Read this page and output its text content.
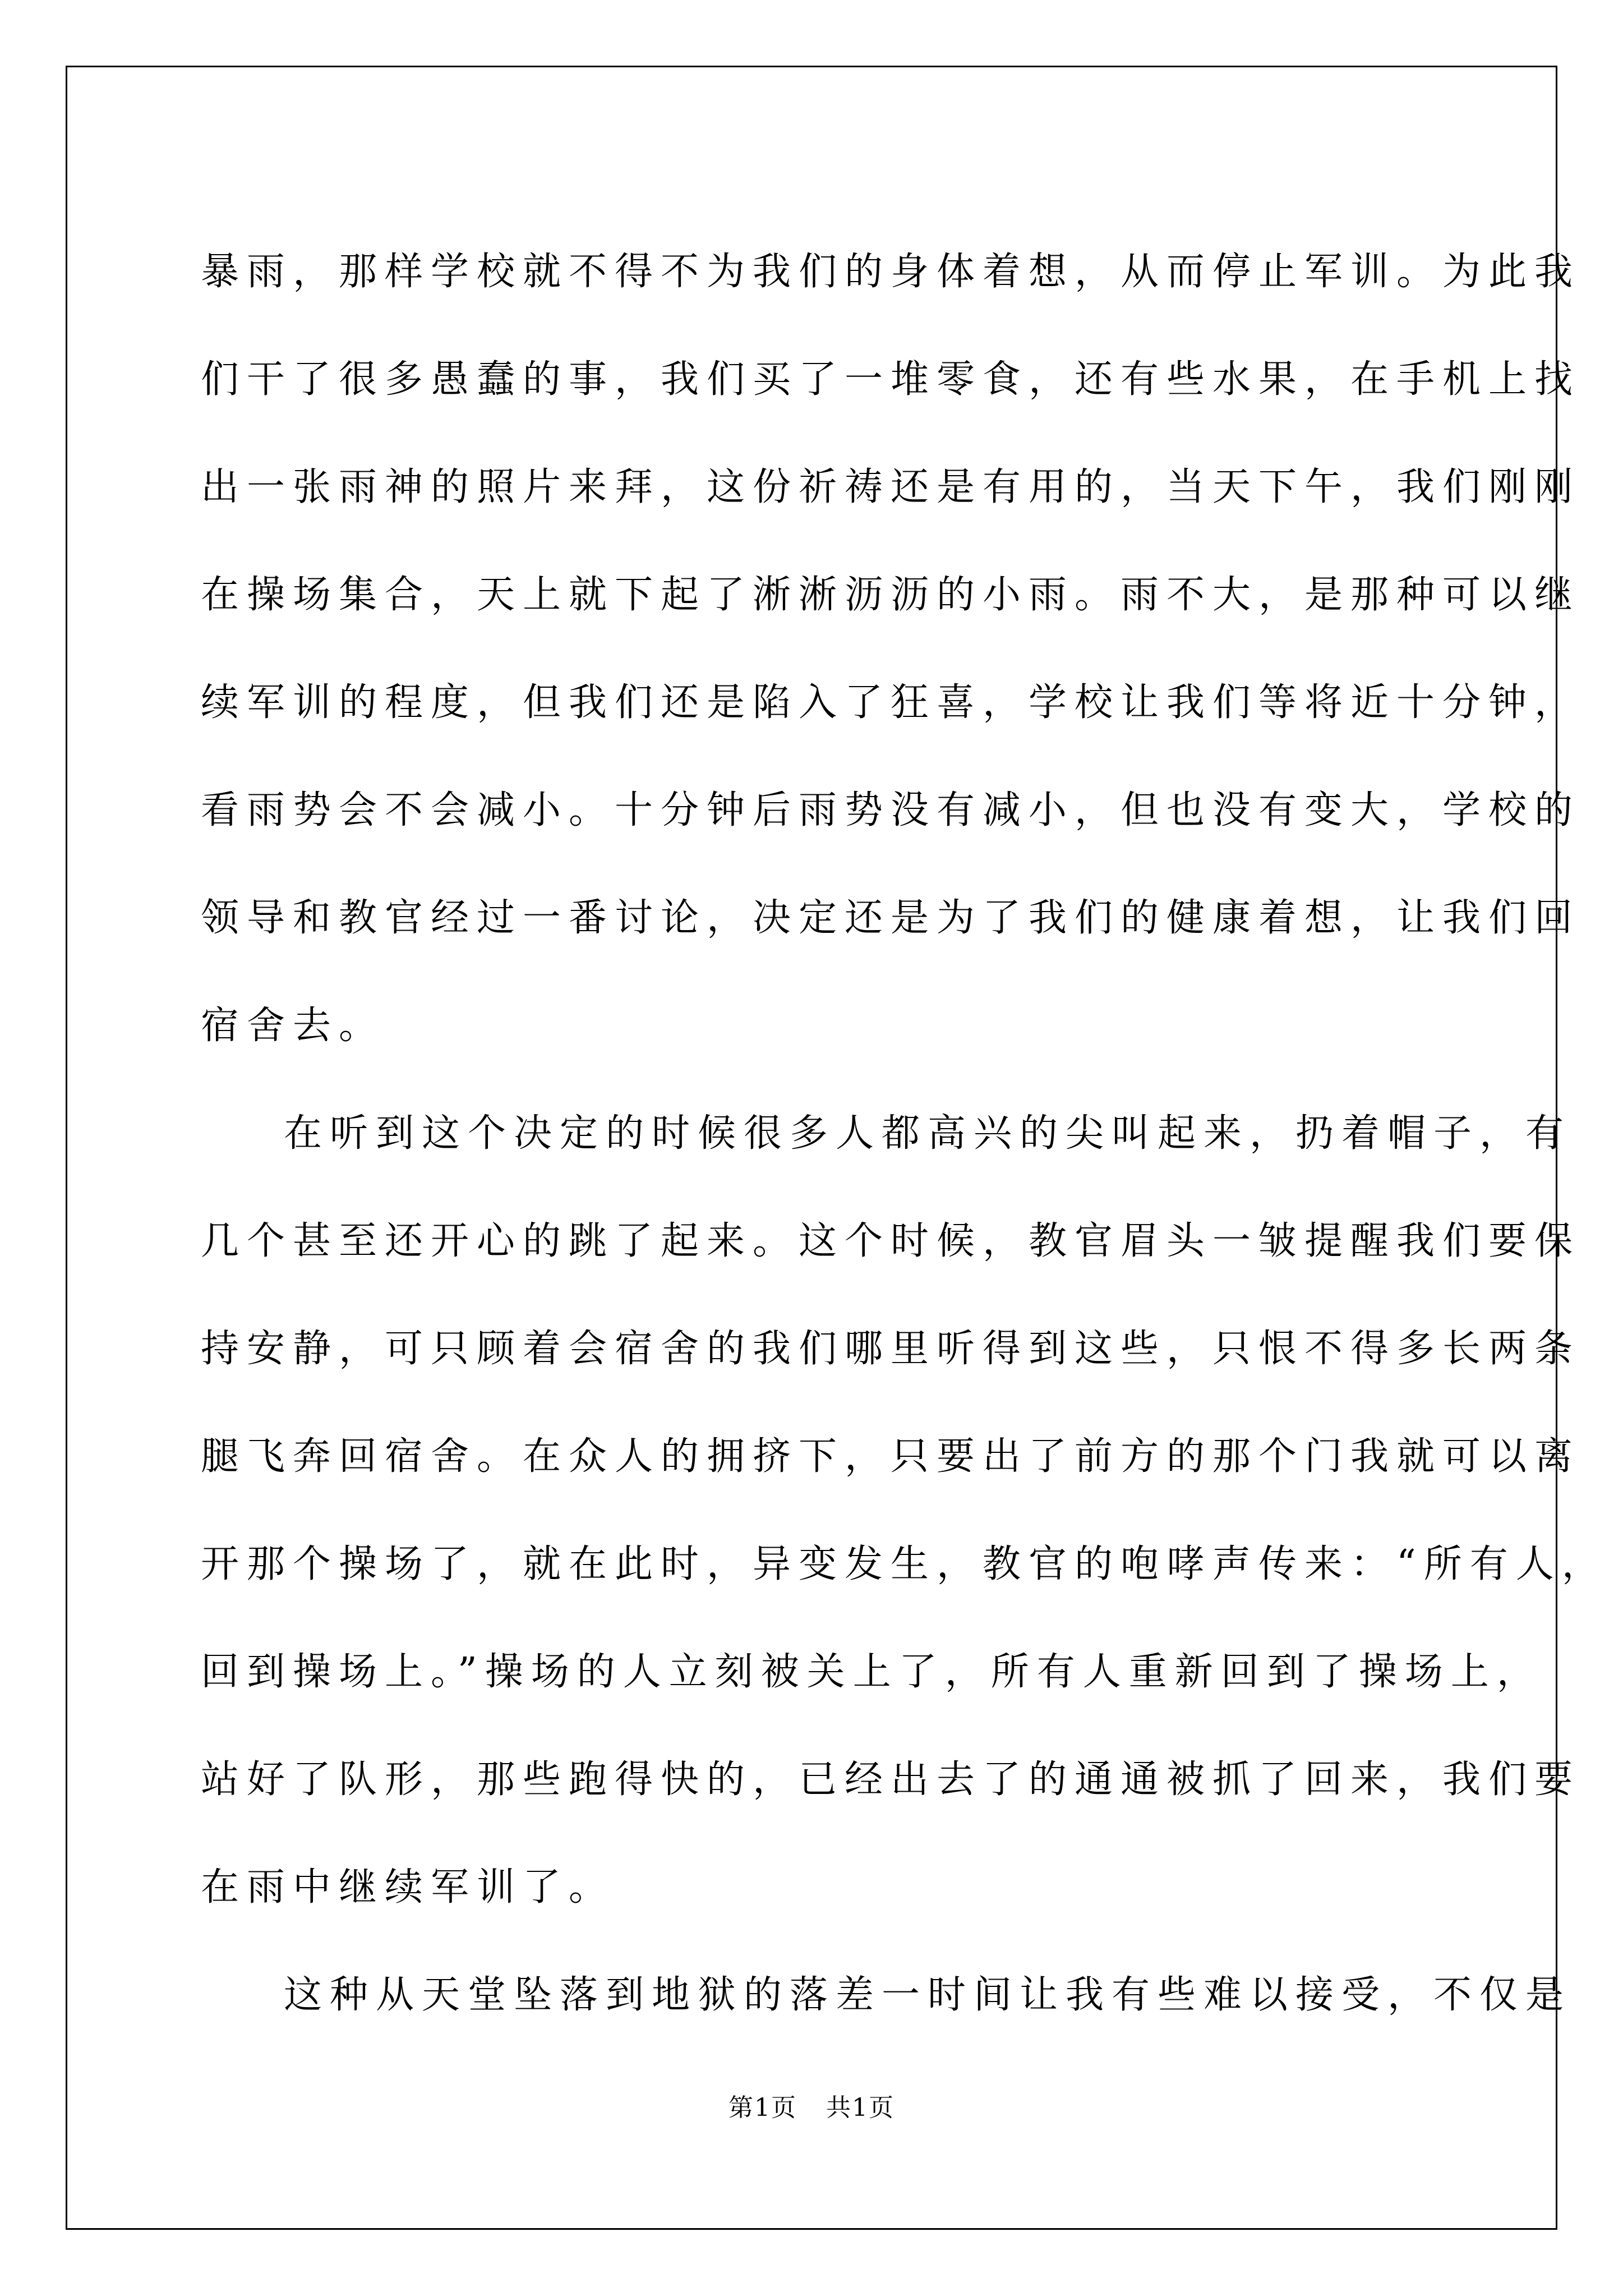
暴雨，那样学校就不得不为我们的身体着想，从而停止军训。为此我
们干了很多愚蠢的事，我们买了一堆零食，还有些水果，在手机上找
出一张雨神的照片来拜，这份祈祷还是有用的，当天下午，我们刚刚
在操场集合，天上就下起了淅淅沥沥的小雨。雨不大，是那种可以继
续军训的程度，但我们还是陷入了狂喜，学校让我们等将近十分钟，
看雨势会不会减小。十分钟后雨势没有减小，但也没有变大，学校的
领导和教官经过一番讨论，决定还是为了我们的健康着想，让我们回
宿舍去。
在听到这个决定的时候很多人都高兴的尖叫起来，扔着帽子，有
几个甚至还开心的跳了起来。这个时候，教官眉头一皱提醒我们要保
持安静，可只顾着会宿舍的我们哪里听得到这些，只恨不得多长两条
腿飞奔回宿舍。在众人的拥挤下，只要出了前方的那个门我就可以离
开那个操场了，就在此时，异变发生，教官的咆哮声传来：“所有人，
回到操场上。”操场的人立刻被关上了，所有人重新回到了操场上，
站好了队形，那些跑得快的，已经出去了的通通被抓了回来，我们要
在雨中继续军训了。
这种从天堂坠落到地狱的落差一时间让我有些难以接受，不仅是
第1页 共1页
